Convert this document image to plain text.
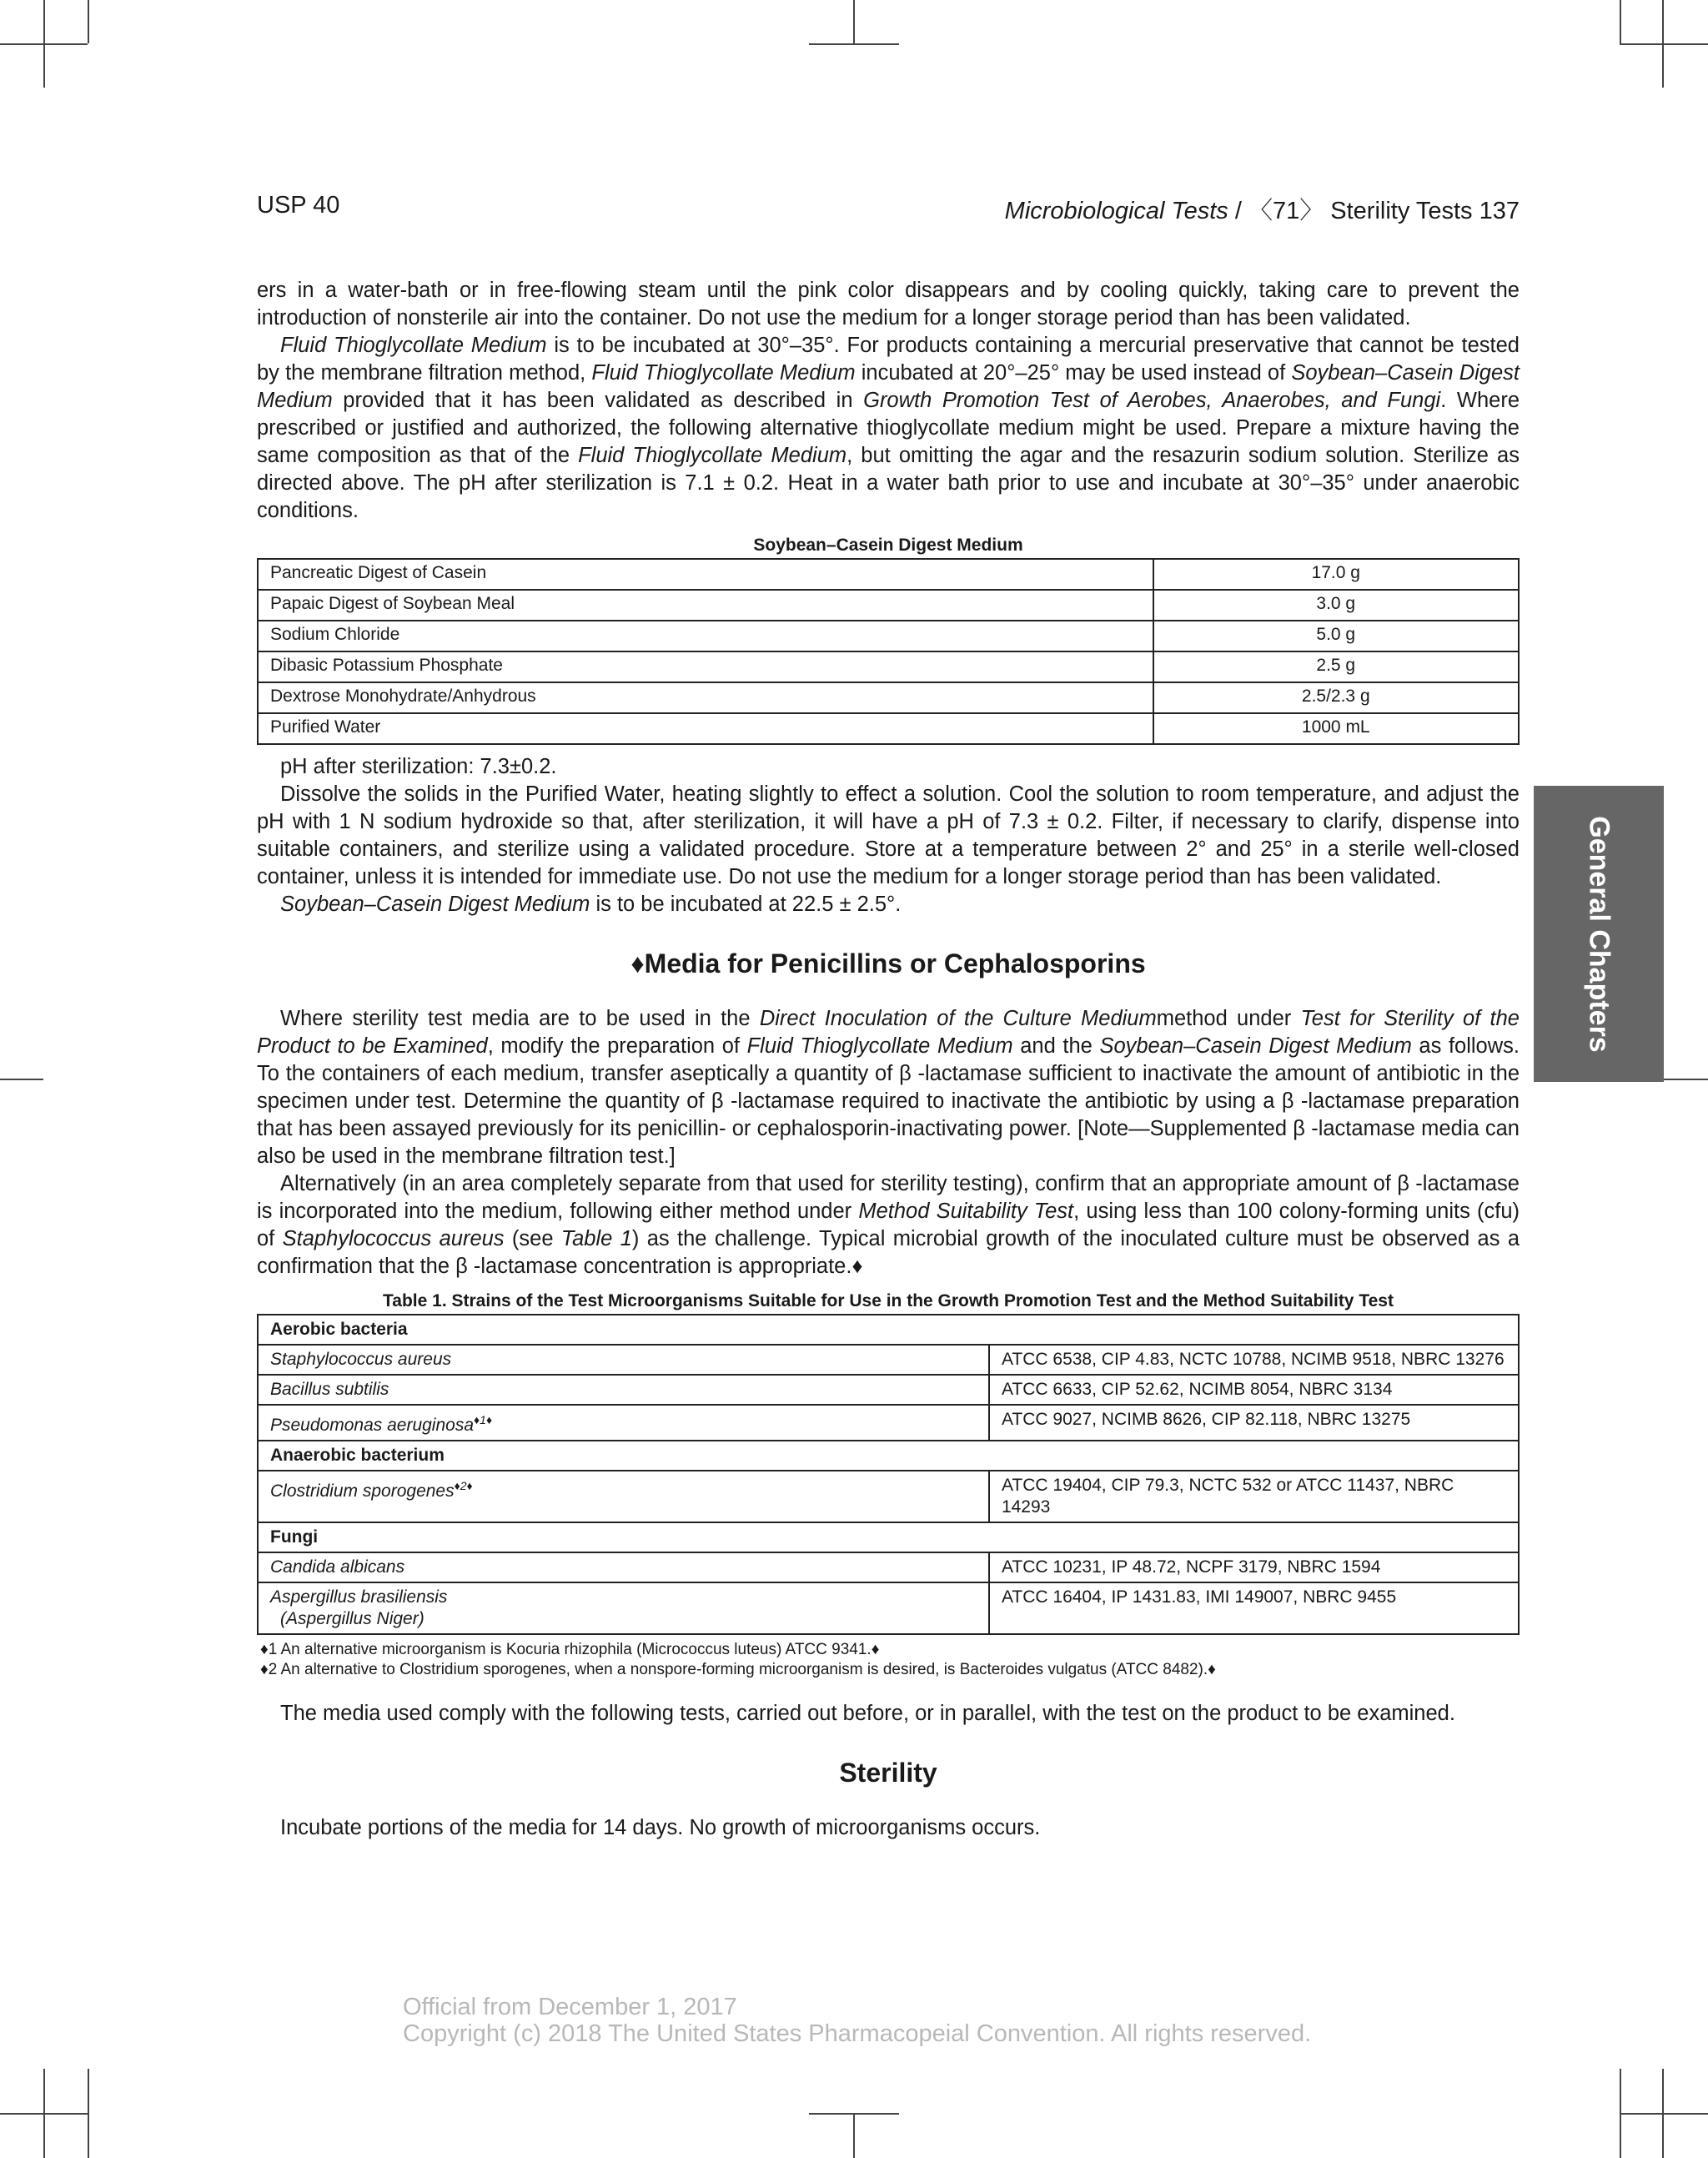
USP 40	Microbiological Tests / 〈71〉 Sterility Tests 137
General Chapters

ers in a water-bath or in free-flowing steam until the pink color disappears and by cooling quickly, taking care to prevent the introduction of nonsterile air into the container. Do not use the medium for a longer storage period than has been validated.

Fluid Thioglycollate Medium is to be incubated at 30°–35°. For products containing a mercurial preservative that cannot be tested by the membrane filtration method, Fluid Thioglycollate Medium incubated at 20°–25° may be used instead of Soybean–Casein Digest Medium provided that it has been validated as described in Growth Promotion Test of Aerobes, Anaerobes, and Fungi. Where prescribed or justified and authorized, the following alternative thioglycollate medium might be used. Prepare a mixture having the same composition as that of the Fluid Thioglycollate Medium, but omitting the agar and the resazurin sodium solution. Sterilize as directed above. The pH after sterilization is 7.1 ± 0.2. Heat in a water bath prior to use and incubate at 30°–35° under anaerobic conditions.

Soybean–Casein Digest Medium
Pancreatic Digest of Casein	17.0 g
Papaic Digest of Soybean Meal	3.0 g
Sodium Chloride	5.0 g
Dibasic Potassium Phosphate	2.5 g
Dextrose Monohydrate/Anhydrous	2.5/2.3 g
Purified Water	1000 mL

pH after sterilization: 7.3±0.2.

Dissolve the solids in the Purified Water, heating slightly to effect a solution. Cool the solution to room temperature, and adjust the pH with 1 N sodium hydroxide so that, after sterilization, it will have a pH of 7.3 ± 0.2. Filter, if necessary to clarify, dispense into suitable containers, and sterilize using a validated procedure. Store at a temperature between 2° and 25° in a sterile well-closed container, unless it is intended for immediate use. Do not use the medium for a longer storage period than has been validated.

Soybean–Casein Digest Medium is to be incubated at 22.5 ± 2.5°.

♦Media for Penicillins or Cephalosporins

Where sterility test media are to be used in the Direct Inoculation of the Culture Mediummethod under Test for Sterility of the Product to be Examined, modify the preparation of Fluid Thioglycollate Medium and the Soybean–Casein Digest Medium as follows. To the containers of each medium, transfer aseptically a quantity of β -lactamase sufficient to inactivate the amount of antibiotic in the specimen under test. Determine the quantity of β -lactamase required to inactivate the antibiotic by using a β -lactamase preparation that has been assayed previously for its penicillin- or cephalosporin-inactivating power. [Note—Supplemented β -lactamase media can also be used in the membrane filtration test.]

Alternatively (in an area completely separate from that used for sterility testing), confirm that an appropriate amount of β -lactamase is incorporated into the medium, following either method under Method Suitability Test, using less than 100 colony-forming units (cfu) of Staphylococcus aureus (see Table 1) as the challenge. Typical microbial growth of the inoculated culture must be observed as a confirmation that the β -lactamase concentration is appropriate.♦

Table 1. Strains of the Test Microorganisms Suitable for Use in the Growth Promotion Test and the Method Suitability Test
Aerobic bacteria	
Staphylococcus aureus	ATCC 6538, CIP 4.83, NCTC 10788, NCIMB 9518, NBRC 13276
Bacillus subtilis	ATCC 6633, CIP 52.62, NCIMB 8054, NBRC 3134
Pseudomonas aeruginosa$^{♦1♦}$	ATCC 9027, NCIMB 8626, CIP 82.118, NBRC 13275
Anaerobic bacterium	
Clostridium sporogenes$^{♦2♦}$	ATCC 19404, CIP 79.3, NCTC 532 or ATCC 11437, NBRC 14293
Fungi	
Candida albicans	ATCC 10231, IP 48.72, NCPF 3179, NBRC 1594

Aspergillus brasiliensis
(Aspergillus Niger)	ATCC 16404, IP 1431.83, IMI 149007, NBRC 9455
♦1 An alternative microorganism is Kocuria rhizophila (Micrococcus luteus) ATCC 9341.♦
♦2 An alternative to Clostridium sporogenes, when a nonspore-forming microorganism is desired, is Bacteroides vulgatus (ATCC 8482).♦

The media used comply with the following tests, carried out before, or in parallel, with the test on the product to be examined.

Sterility

Incubate portions of the media for 14 days. No growth of microorganisms occurs.

Official from December 1, 2017
Copyright (c) 2018 The United States Pharmacopeial Convention. All rights reserved.
